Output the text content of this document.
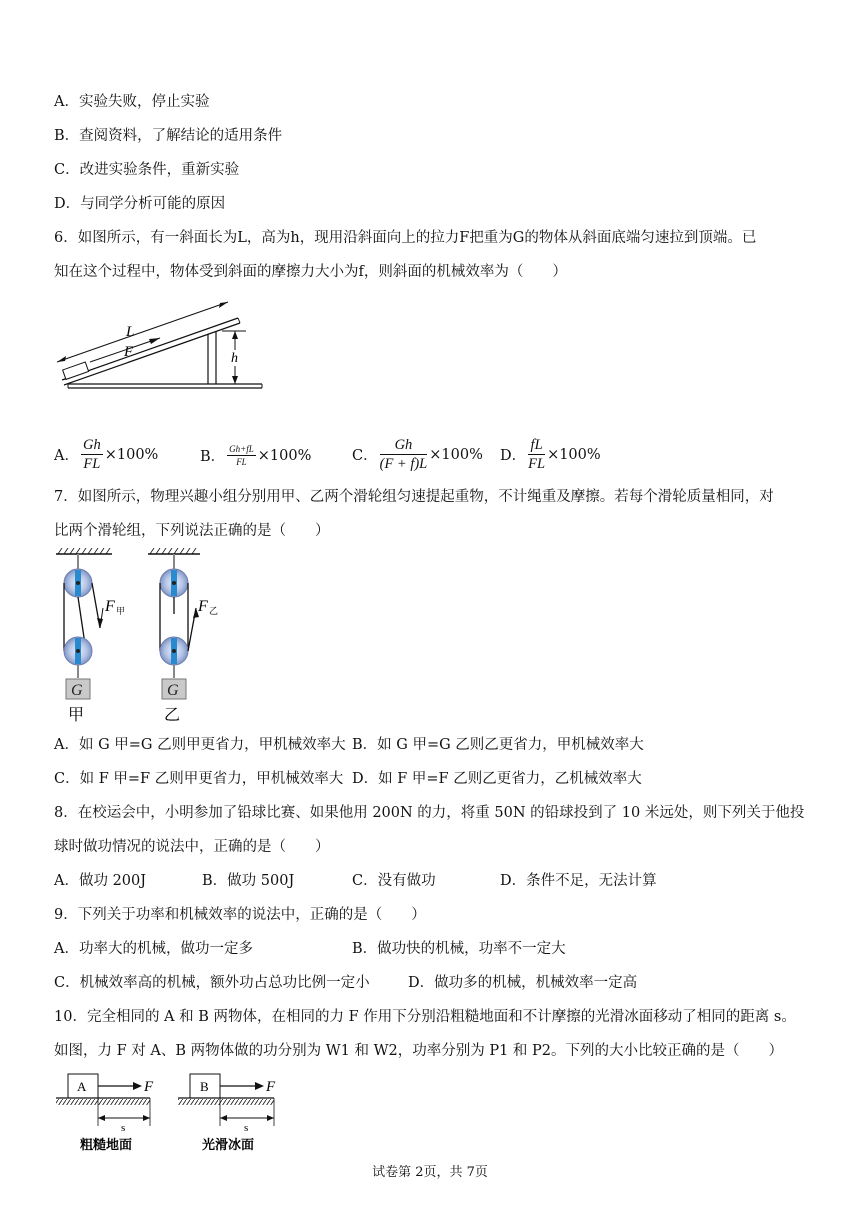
A．实验失败，停止实验
B．查阅资料，了解结论的适用条件
C．改进实验条件，重新实验
D．与同学分析可能的原因
6．如图所示，有一斜面长为L，高为h，现用沿斜面向上的拉力F把重为G的物体从斜面底端匀速拉到顶端。已
知在这个过程中，物体受到斜面的摩擦力大小为f，则斜面的机械效率为（　　）
L
F	h
A． $\frac{Gh}{FL} \times 100\%$	B． $\frac{Gh+fL}{FL} \times 100\%$	C． $\frac{Gh}{(F + f)L} \times 100\%$ D． $\frac{fL}{FL} \times 100\%$
7．如图所示，物理兴趣小组分别用甲、乙两个滑轮组匀速提起重物，不计绳重及摩擦。若每个滑轮质量相同，对
比两个滑轮组，下列说法正确的是（　　）
F 甲
G
甲
F 乙
G
乙
A．如 G 甲=G 乙则甲更省力，甲机械效率大 B．如 G 甲=G 乙则乙更省力，甲机械效率大
C．如 F 甲=F 乙则甲更省力，甲机械效率大 D．如 F 甲=F 乙则乙更省力，乙机械效率大
8．在校运会中，小明参加了铅球比赛、如果他用 200N 的力，将重 50N 的铅球投到了 10 米远处，则下列关于他投
球时做功情况的说法中，正确的是（　　）
A．做功 200J	B．做功 500J	C．没有做功	D．条件不足，无法计算
9．下列关于功率和机械效率的说法中，正确的是（　　）
A．功率大的机械，做功一定多	B．做功快的机械，功率不一定大
C．机械效率高的机械，额外功占总功比例一定小	D．做功多的机械，机械效率一定高
10．完全相同的 A 和 B 两物体，在相同的力 F 作用下分别沿粗糙地面和不计摩擦的光滑冰面移动了相同的距离 s。
如图，力 F 对 A、B 两物体做的功分别为 W1 和 W2，功率分别为 P1 和 P2。下列的大小比较正确的是（　　）
A	F
s
粗糙地面
B	F
s
光滑冰面
试卷第 2页，共 7页
